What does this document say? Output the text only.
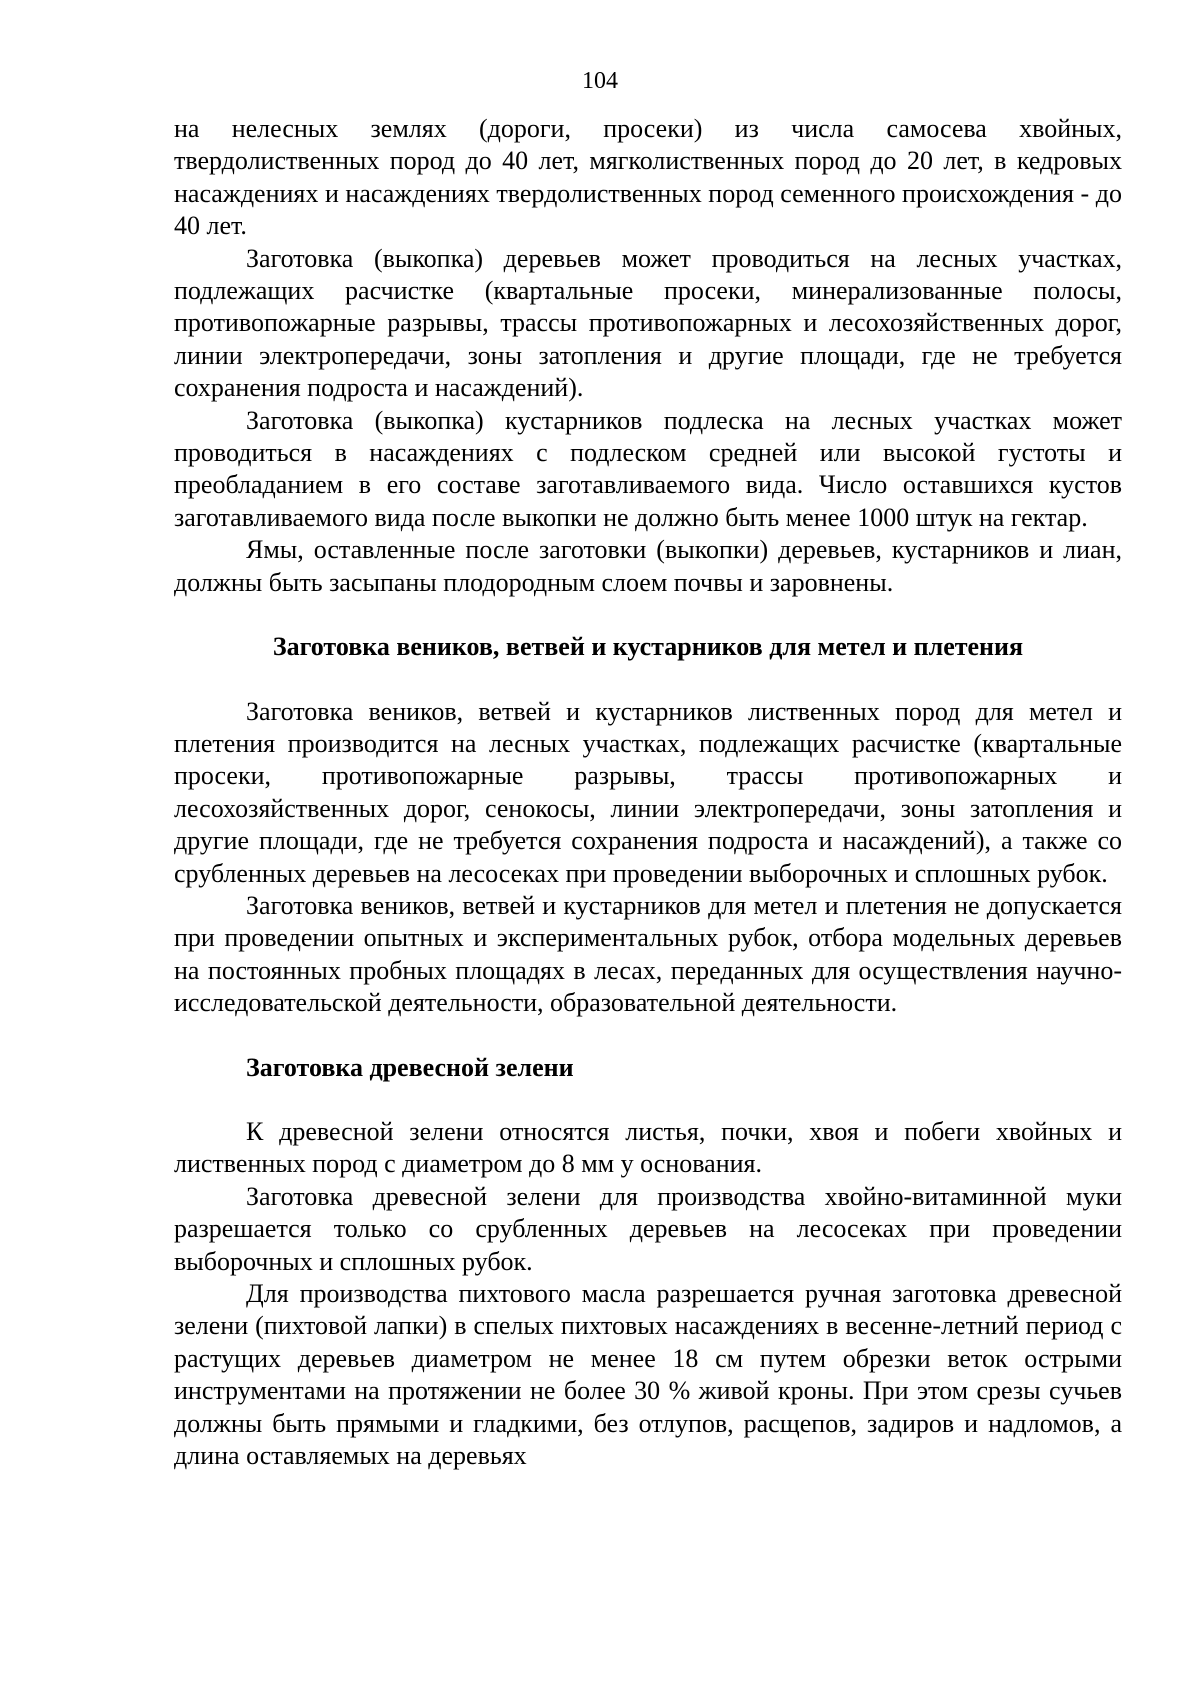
104

на нелесных землях (дороги, просеки) из числа самосева хвойных, твердолиственных пород до 40 лет, мягколиственных пород до 20 лет, в кедровых насаждениях и насаждениях твердолиственных пород семенного происхождения - до 40 лет.

Заготовка (выкопка) деревьев может проводиться на лесных участках, подлежащих расчистке (квартальные просеки, минерализованные полосы, противопожарные разрывы, трассы противопожарных и лесохозяйственных дорог, линии электропередачи, зоны затопления и другие площади, где не требуется сохранения подроста и насаждений).

Заготовка (выкопка) кустарников подлеска на лесных участках может проводиться в насаждениях с подлеском средней или высокой густоты и преобладанием в его составе заготавливаемого вида. Число оставшихся кустов заготавливаемого вида после выкопки не должно быть менее 1000 штук на гектар.

Ямы, оставленные после заготовки (выкопки) деревьев, кустарников и лиан, должны быть засыпаны плодородным слоем почвы и заровнены.

Заготовка веников, ветвей и кустарников для метел и плетения

Заготовка веников, ветвей и кустарников лиственных пород для метел и плетения производится на лесных участках, подлежащих расчистке (квартальные просеки, противопожарные разрывы, трассы противопожарных и лесохозяйственных дорог, сенокосы, линии электропередачи, зоны затопления и другие площади, где не требуется сохранения подроста и насаждений), а также со срубленных деревьев на лесосеках при проведении выборочных и сплошных рубок.

Заготовка веников, ветвей и кустарников для метел и плетения не допускается при проведении опытных и экспериментальных рубок, отбора модельных деревьев на постоянных пробных площадях в лесах, переданных для осуществления научно-исследовательской деятельности, образовательной деятельности.

Заготовка древесной зелени

К древесной зелени относятся листья, почки, хвоя и побеги хвойных и лиственных пород с диаметром до 8 мм у основания.

Заготовка древесной зелени для производства хвойно-витаминной муки разрешается только со срубленных деревьев на лесосеках при проведении выборочных и сплошных рубок.

Для производства пихтового масла разрешается ручная заготовка древесной зелени (пихтовой лапки) в спелых пихтовых насаждениях в весенне-летний период с растущих деревьев диаметром не менее 18 см путем обрезки веток острыми инструментами на протяжении не более 30 % живой кроны. При этом срезы сучьев должны быть прямыми и гладкими, без отлупов, расщепов, задиров и надломов, а длина оставляемых на деревьях
